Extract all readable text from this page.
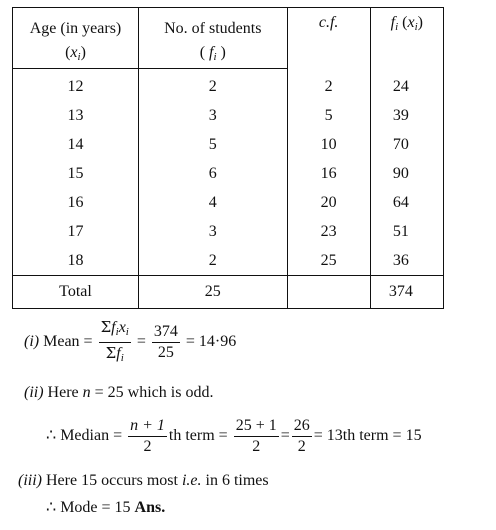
Age (in years)	No. of students	c.f.	$f_i$ $(x_i)$
$(x_i)$	( $f_i$ )		
12	2	2	24
13	3	5	39
14	5	10	70
15	6	16	90
16	4	20	64
17	3	23	51
18	2	25	36
Total	25		374
(i) Mean = $\frac{\Sigma f_ix_i}{\Sigma f_i} = \frac{374}{25} = 14\cdot 96$
(ii) Here n = 25 which is odd.
∴ Median = $\frac{n + 1}{2}$ th term = $\frac{25 + 1}{2} = \frac{26}{2} = 13th$ term = 15
(iii) Here 15 occurs most i.e. in 6 times
∴ Mode = 15 Ans.
